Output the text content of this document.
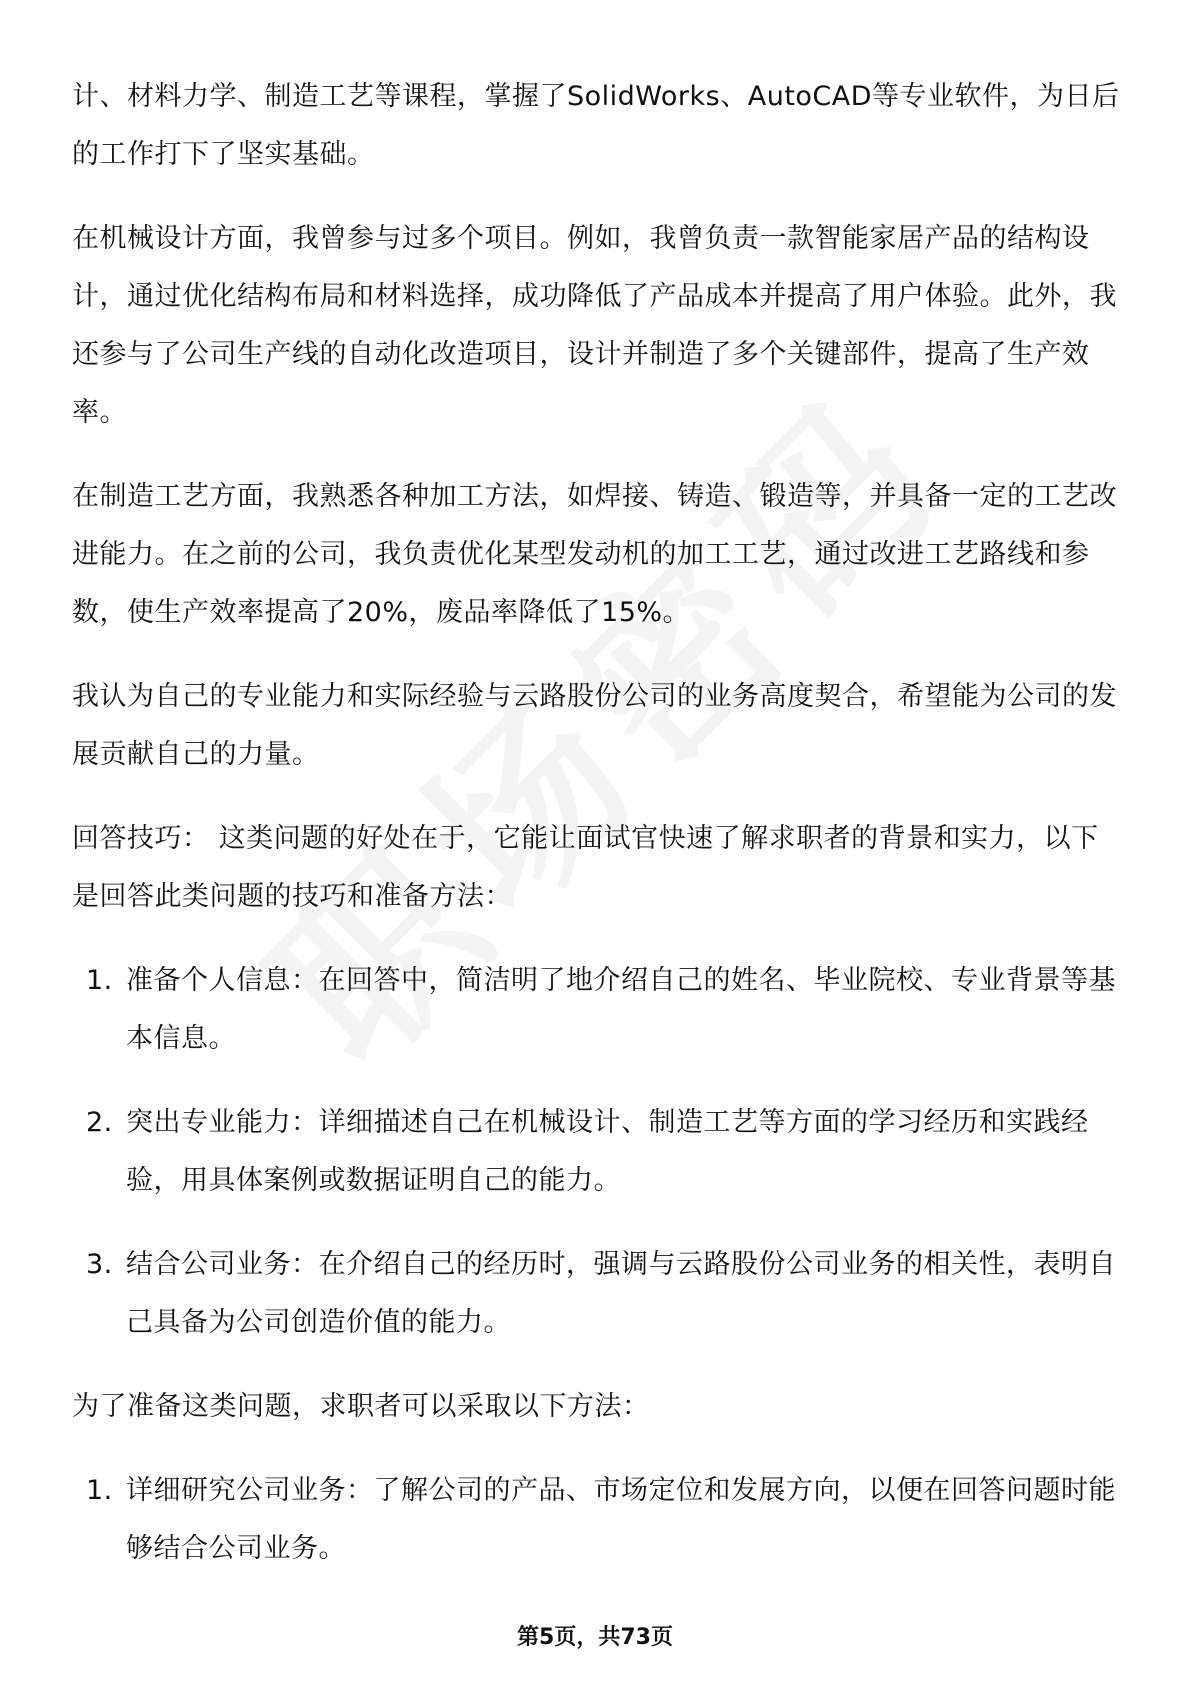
计、材料力学、制造工艺等课程，掌握了SolidWorks、AutoCAD等专业软件，为日后的工作打下了坚实基础。

在机械设计方面，我曾参与过多个项目。例如，我曾负责一款智能家居产品的结构设计，通过优化结构布局和材料选择，成功降低了产品成本并提高了用户体验。此外，我还参与了公司生产线的自动化改造项目，设计并制造了多个关键部件，提高了生产效率。

在制造工艺方面，我熟悉各种加工方法，如焊接、铸造、锻造等，并具备一定的工艺改进能力。在之前的公司，我负责优化某型发动机的加工工艺，通过改进工艺路线和参数，使生产效率提高了20%，废品率降低了15%。

我认为自己的专业能力和实际经验与云路股份公司的业务高度契合，希望能为公司的发展贡献自己的力量。

回答技巧： 这类问题的好处在于，它能让面试官快速了解求职者的背景和实力，以下是回答此类问题的技巧和准备方法：

1. 准备个人信息：在回答中，简洁明了地介绍自己的姓名、毕业院校、专业背景等基本信息。
2. 突出专业能力：详细描述自己在机械设计、制造工艺等方面的学习经历和实践经验，用具体案例或数据证明自己的能力。
3. 结合公司业务：在介绍自己的经历时，强调与云路股份公司业务的相关性，表明自己具备为公司创造价值的能力。

为了准备这类问题，求职者可以采取以下方法：

1. 详细研究公司业务：了解公司的产品、市场定位和发展方向，以便在回答问题时能够结合公司业务。
第5页，共73页
